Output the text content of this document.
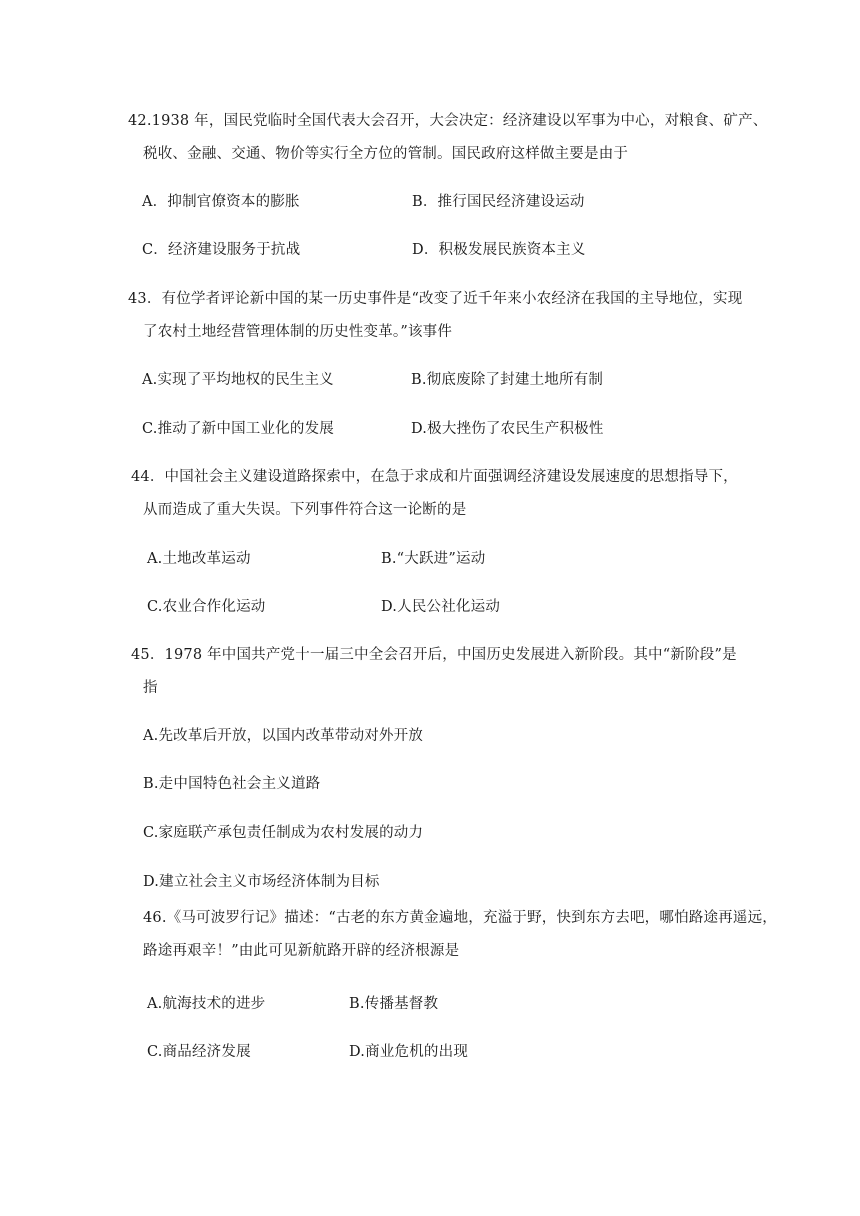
42.1938 年，国民党临时全国代表大会召开，大会决定：经济建设以军事为中心，对粮食、矿产、
税收、金融、交通、物价等实行全方位的管制。国民政府这样做主要是由于
A．抑制官僚资本的膨胀	B．推行国民经济建设运动
C．经济建设服务于抗战	D．积极发展民族资本主义
43．有位学者评论新中国的某一历史事件是“改变了近千年来小农经济在我国的主导地位，实现
了农村土地经营管理体制的历史性变革。”该事件
A.实现了平均地权的民生主义	B.彻底废除了封建土地所有制
C.推动了新中国工业化的发展	D.极大挫伤了农民生产积极性
44．中国社会主义建设道路探索中，在急于求成和片面强调经济建设发展速度的思想指导下，
从而造成了重大失误。下列事件符合这一论断的是
A.土地改革运动	B.“大跃进”运动
C.农业合作化运动	D.人民公社化运动
45．1978 年中国共产党十一届三中全会召开后，中国历史发展进入新阶段。其中“新阶段”是
指
A.先改革后开放，以国内改革带动对外开放
B.走中国特色社会主义道路
C.家庭联产承包责任制成为农村发展的动力
D.建立社会主义市场经济体制为目标
46.《马可波罗行记》描述：“古老的东方黄金遍地，充溢于野，快到东方去吧，哪怕路途再遥远，
路途再艰辛！”由此可见新航路开辟的经济根源是
A.航海技术的进步	B.传播基督教
C.商品经济发展	D.商业危机的出现
